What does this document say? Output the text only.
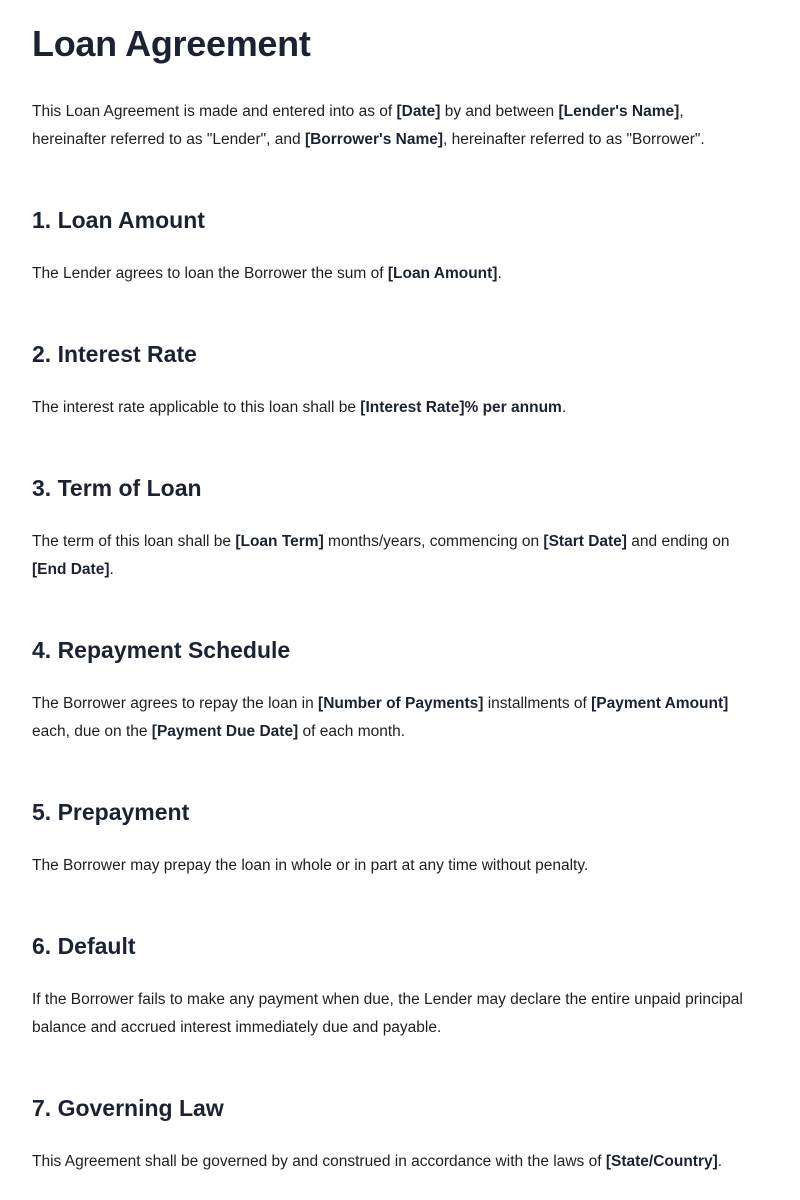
Loan Agreement

This Loan Agreement is made and entered into as of [Date] by and between [Lender's Name], hereinafter referred to as "Lender", and [Borrower's Name], hereinafter referred to as "Borrower".

1. Loan Amount

The Lender agrees to loan the Borrower the sum of [Loan Amount].

2. Interest Rate

The interest rate applicable to this loan shall be [Interest Rate]% per annum.

3. Term of Loan

The term of this loan shall be [Loan Term] months/years, commencing on [Start Date] and ending on [End Date].

4. Repayment Schedule

The Borrower agrees to repay the loan in [Number of Payments] installments of [Payment Amount] each, due on the [Payment Due Date] of each month.

5. Prepayment

The Borrower may prepay the loan in whole or in part at any time without penalty.

6. Default

If the Borrower fails to make any payment when due, the Lender may declare the entire unpaid principal balance and accrued interest immediately due and payable.

7. Governing Law

This Agreement shall be governed by and construed in accordance with the laws of [State/Country].
